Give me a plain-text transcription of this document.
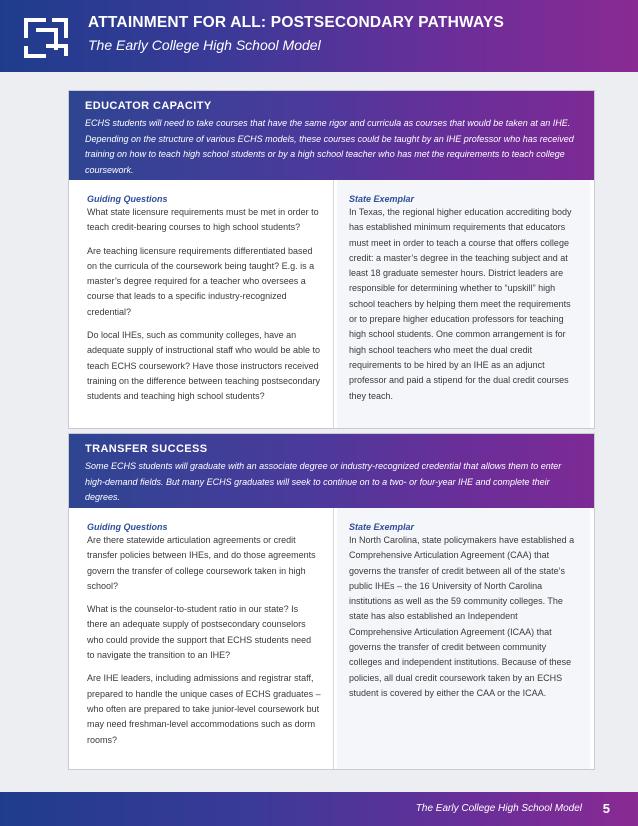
ATTAINMENT FOR ALL: POSTSECONDARY PATHWAYS
The Early College High School Model

EDUCATOR CAPACITY

ECHS students will need to take courses that have the same rigor and curricula as courses that would be taken at an IHE. Depending on the structure of various ECHS models, these courses could be taught by an IHE professor who has received training on how to teach high school students or by a high school teacher who has met the requirements to teach college coursework.

Guiding Questions

What state licensure requirements must be met in order to teach credit-bearing courses to high school students?

Are teaching licensure requirements differentiated based on the curricula of the coursework being taught? E.g. is a master’s degree required for a teacher who oversees a course that leads to a specific industry-recognized credential?

Do local IHEs, such as community colleges, have an adequate supply of instructional staff who would be able to teach ECHS coursework? Have those instructors received training on the difference between teaching postsecondary students and teaching high school students?

State Exemplar

In Texas, the regional higher education accrediting body has established minimum requirements that educators must meet in order to teach a course that offers college credit: a master’s degree in the teaching subject and at least 18 graduate semester hours. District leaders are responsible for determining whether to “upskill” high school teachers by helping them meet the requirements or to prepare higher education professors for teaching high school students. One common arrangement is for high school teachers who meet the dual credit requirements to be hired by an IHE as an adjunct professor and paid a stipend for the dual credit courses they teach.

TRANSFER SUCCESS

Some ECHS students will graduate with an associate degree or industry-recognized credential that allows them to enter high-demand fields. But many ECHS graduates will seek to continue on to a two- or four-year IHE and complete their degrees.

Guiding Questions

Are there statewide articulation agreements or credit transfer policies between IHEs, and do those agreements govern the transfer of college coursework taken in high school?

What is the counselor-to-student ratio in our state? Is there an adequate supply of postsecondary counselors who could provide the support that ECHS students need to navigate the transition to an IHE?

Are IHE leaders, including admissions and registrar staff, prepared to handle the unique cases of ECHS graduates – who often are prepared to take junior-level coursework but may need freshman-level accommodations such as dorm rooms?

State Exemplar

In North Carolina, state policymakers have established a Comprehensive Articulation Agreement (CAA) that governs the transfer of credit between all of the state’s public IHEs – the 16 University of North Carolina institutions as well as the 59 community colleges. The state has also established an Independent Comprehensive Articulation Agreement (ICAA) that governs the transfer of credit between community colleges and independent institutions. Because of these policies, all dual credit coursework taken by an ECHS student is covered by either the CAA or the ICAA.

The Early College High School Model 5
